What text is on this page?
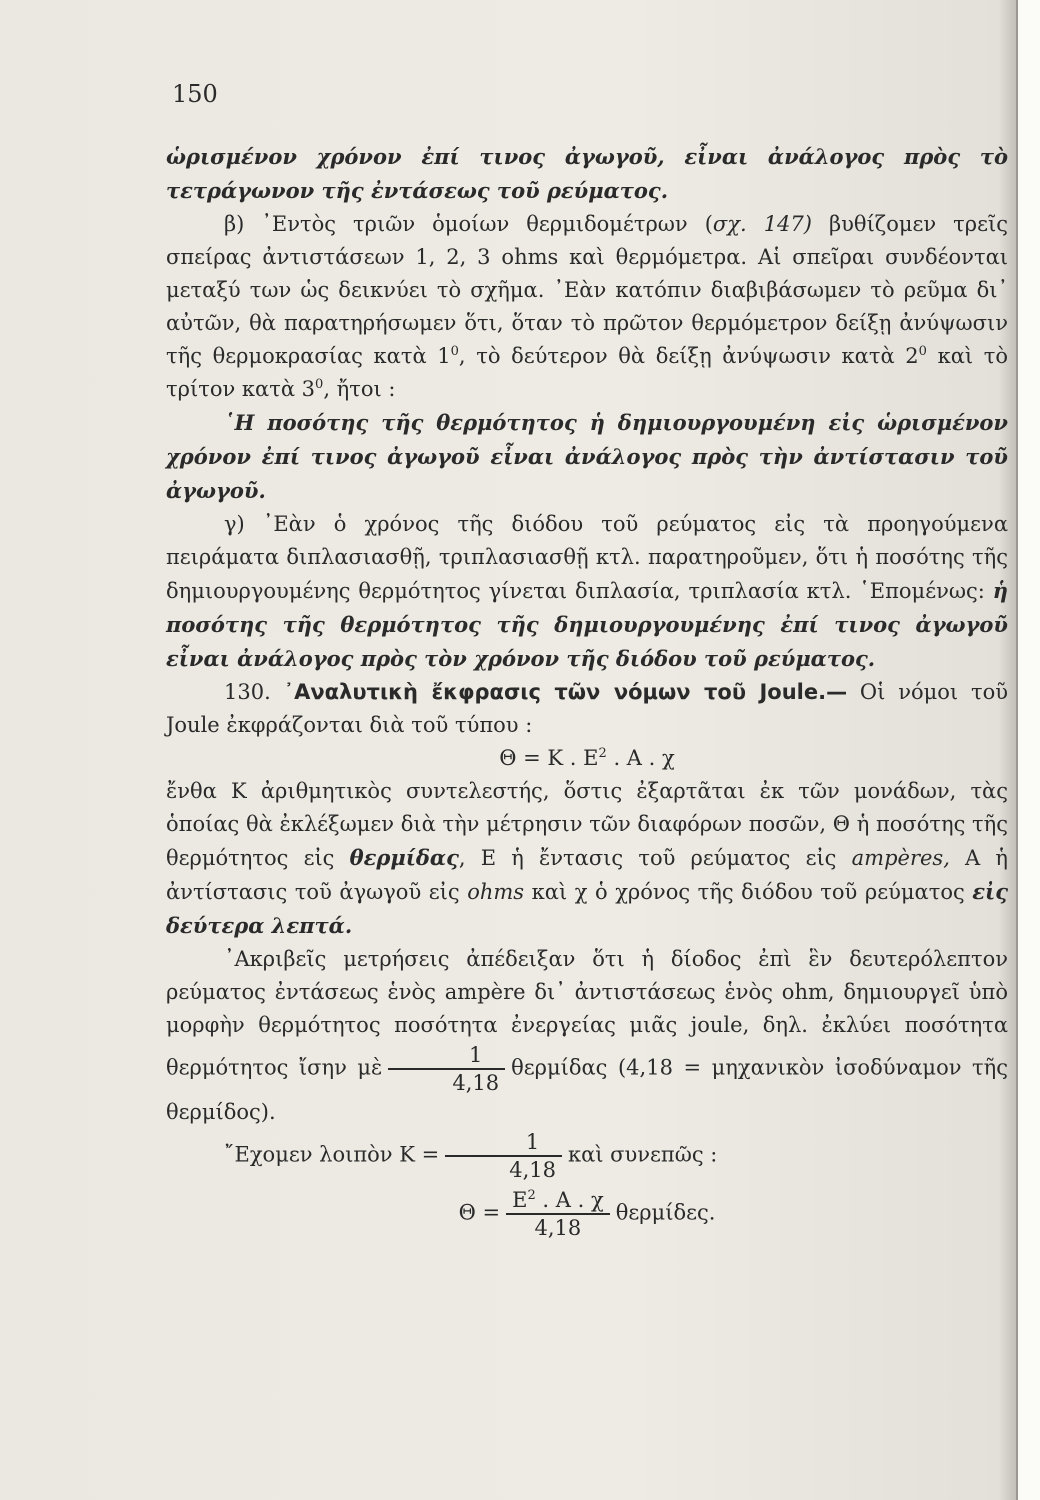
150

ὡρισμένον χρόνον ἐπί τινος ἀγωγοῦ, εἶναι ἀνάλογος πρὸς τὸ τετράγωνον τῆς ἐντάσεως τοῦ ρεύματος.

β) ᾿Εντὸς τριῶν ὁμοίων θερμιδομέτρων (σχ. 147) βυθίζομεν τρεῖς σπείρας ἀντιστάσεων 1, 2, 3 ohms καὶ θερμόμετρα. Αἱ σπεῖραι συνδέονται μεταξύ των ὡς δεικνύει τὸ σχῆμα. ᾿Εὰν κατόπιν διαβιβάσωμεν τὸ ρεῦμα δι᾿ αὐτῶν, θὰ παρατηρήσωμεν ὅτι, ὅταν τὸ πρῶτον θερμόμετρον δείξῃ ἀνύψωσιν τῆς θερμοκρασίας κατὰ $1^0$, τὸ δεύτερον θὰ δείξῃ ἀνύψωσιν κατὰ $2^0$ καὶ τὸ τρίτον κατὰ $3^0$, ἤτοι :

῾Η ποσότης τῆς θερμότητος ἡ δημιουργουμένη εἰς ὡρισμένον χρόνον ἐπί τινος ἀγωγοῦ εἶναι ἀνάλογος πρὸς τὴν ἀντίστασιν τοῦ ἀγωγοῦ.

γ) ᾿Εὰν ὁ χρόνος τῆς διόδου τοῦ ρεύματος εἰς τὰ προηγούμενα πειράματα διπλασιασθῇ, τριπλασιασθῇ κτλ. παρατηροῦμεν, ὅτι ἡ ποσότης τῆς δημιουργουμένης θερμότητος γίνεται διπλασία, τριπλασία κτλ. ῾Επομένως: ἡ ποσότης τῆς θερμότητος τῆς δημιουργουμένης ἐπί τινος ἀγωγοῦ εἶναι ἀνάλογος πρὸς τὸν χρόνον τῆς διόδου τοῦ ρεύματος.

130. ᾿Αναλυτικὴ ἔκφρασις τῶν νόμων τοῦ Joule.— Οἱ νόμοι τοῦ Joule ἐκφράζονται διὰ τοῦ τύπου :

Θ = Κ . $E^2$ . Α . χ

ἔνθα Κ ἀριθμητικὸς συντελεστής, ὅστις ἐξαρτᾶται ἐκ τῶν μονάδων, τὰς ὁποίας θὰ ἐκλέξωμεν διὰ τὴν μέτρησιν τῶν διαφόρων ποσῶν, Θ ἡ ποσότης τῆς θερμότητος εἰς θερμίδας, Ε ἡ ἔντασις τοῦ ρεύματος εἰς ampères, Α ἡ ἀντίστασις τοῦ ἀγωγοῦ εἰς ohms καὶ χ ὁ χρόνος τῆς διόδου τοῦ ρεύματος εἰς δεύτερα λεπτά.

᾿Ακριβεῖς μετρήσεις ἀπέδειξαν ὅτι ἡ δίοδος ἐπὶ ἓν δευτερόλεπτον ρεύματος ἐντάσεως ἑνὸς ampère δι᾿ ἀντιστάσεως ἑνὸς ohm, δημιουργεῖ ὑπὸ μορφὴν θερμότητος ποσότητα ἐνεργείας μιᾶς joule, δηλ. ἐκλύει ποσότητα θερμότητος ἴσην μὲ $\frac{1}{4,18}$ θερμίδας (4,18 = μηχανικὸν ἰσοδύναμον τῆς θερμίδος).

῎Εχομεν λοιπὸν $K = \frac{1}{4,18}$ καὶ συνεπῶς :

$\Theta = \frac{E^2 . A . \chi}{4,18} \theta\varepsilon\rho\mu ί\delta\varepsilon\varsigma$.
